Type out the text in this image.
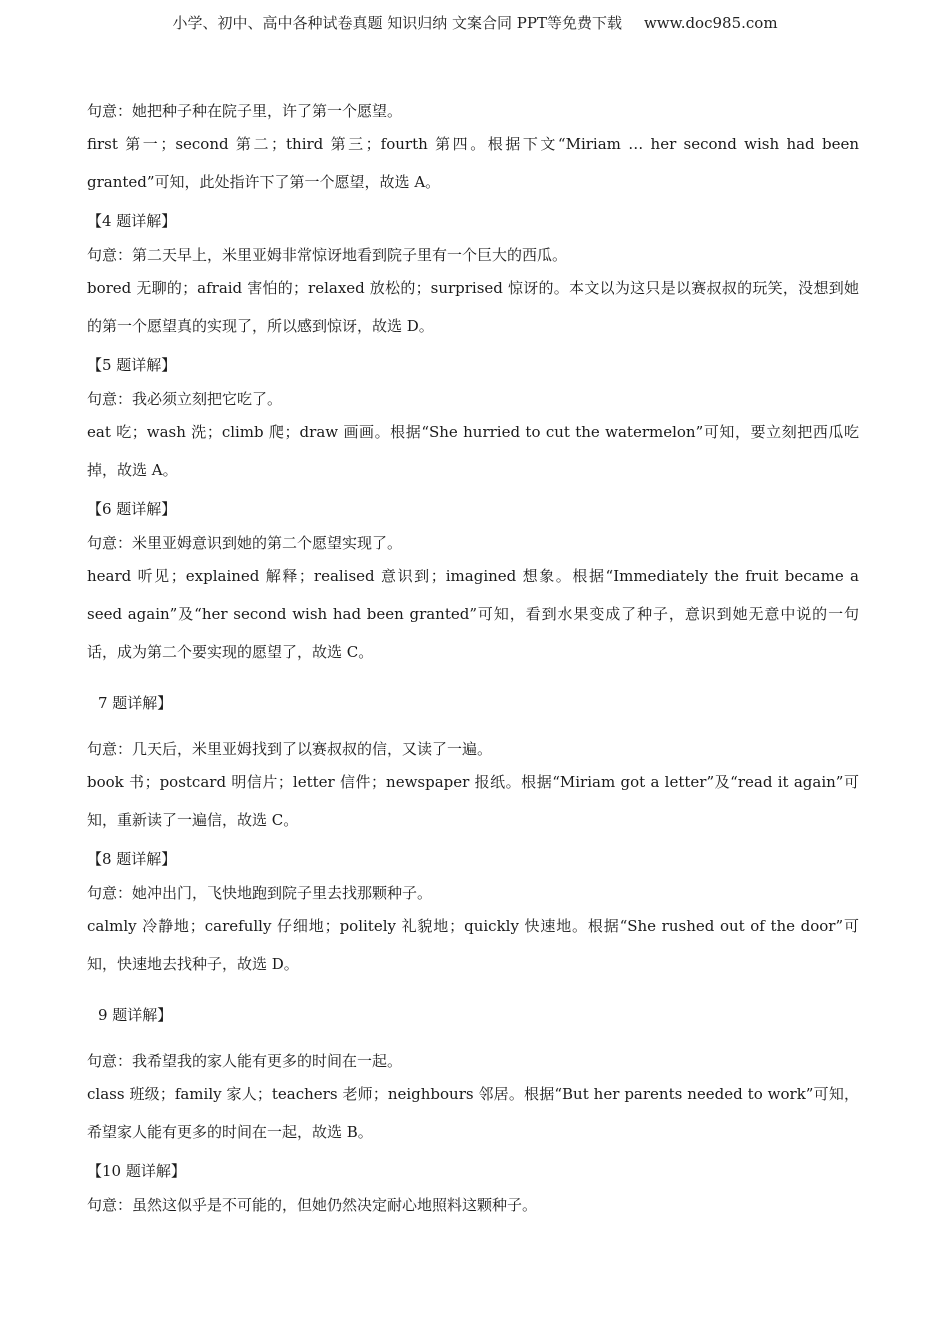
小学、初中、高中各种试卷真题 知识归纳 文案合同 PPT等免费下载 www.doc985.com

句意：她把种子种在院子里，许了第一个愿望。

first 第一；second 第二；third 第三；fourth 第四。根据下文“Miriam … her second wish had been granted”可知，此处指许下了第一个愿望，故选 A。

【4 题详解】

句意：第二天早上，米里亚姆非常惊讶地看到院子里有一个巨大的西瓜。

bored 无聊的；afraid 害怕的；relaxed 放松的；surprised 惊讶的。本文以为这只是以赛叔叔的玩笑，没想到她的第一个愿望真的实现了，所以感到惊讶，故选 D。

【5 题详解】

句意：我必须立刻把它吃了。

eat 吃；wash 洗；climb 爬；draw 画画。根据“She hurried to cut the watermelon”可知，要立刻把西瓜吃掉，故选 A。

【6 题详解】

句意：米里亚姆意识到她的第二个愿望实现了。

heard 听见；explained 解释；realised 意识到；imagined 想象。根据“Immediately the fruit became a seed again”及“her second wish had been granted”可知，看到水果变成了种子，意识到她无意中说的一句话，成为第二个要实现的愿望了，故选 C。

7 题详解】

句意：几天后，米里亚姆找到了以赛叔叔的信，又读了一遍。

book 书；postcard 明信片；letter 信件；newspaper 报纸。根据“Miriam got a letter”及“read it again”可知，重新读了一遍信，故选 C。

【8 题详解】

句意：她冲出门，飞快地跑到院子里去找那颗种子。

calmly 冷静地；carefully 仔细地；politely 礼貌地；quickly 快速地。根据“She rushed out of the door”可知，快速地去找种子，故选 D。

9 题详解】

句意：我希望我的家人能有更多的时间在一起。

class 班级；family 家人；teachers 老师；neighbours 邻居。根据“But her parents needed to work”可知，希望家人能有更多的时间在一起，故选 B。

【10 题详解】

句意：虽然这似乎是不可能的，但她仍然决定耐心地照料这颗种子。
